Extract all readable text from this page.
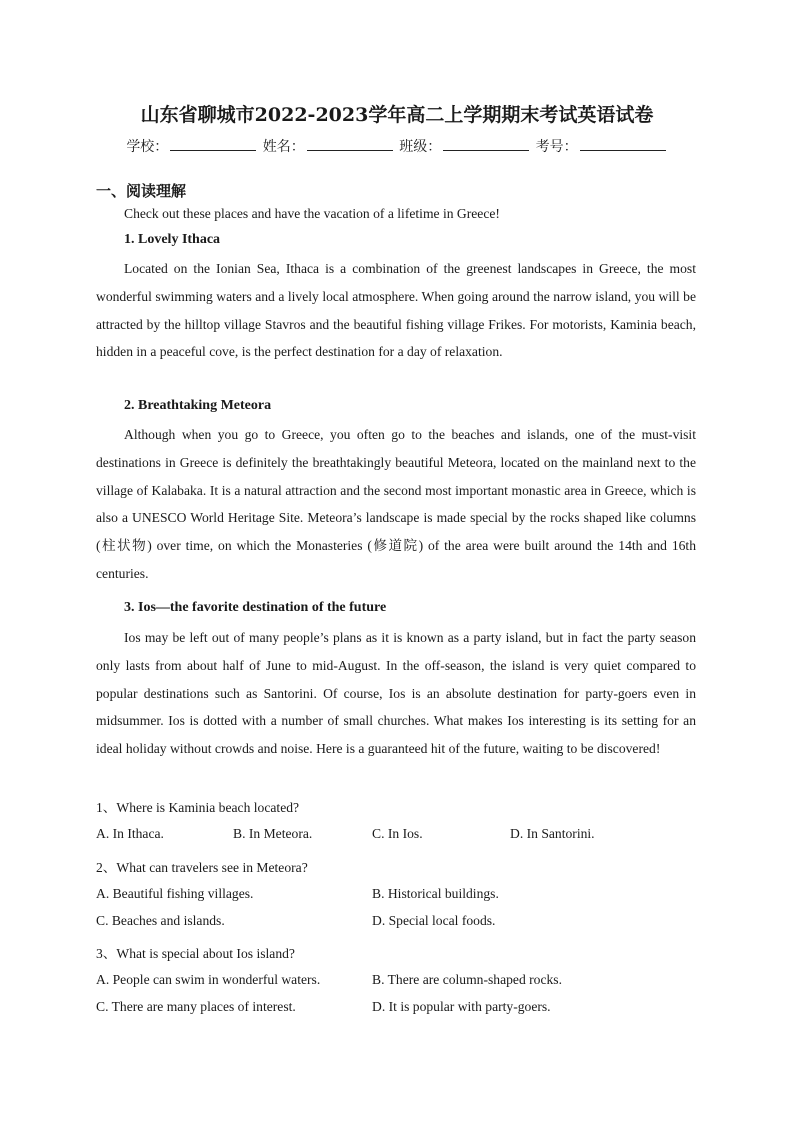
山东省聊城市2022-2023学年高二上学期期末考试英语试卷
学校：	姓名：	班级：	考号：
一、阅读理解
Check out these places and have the vacation of a lifetime in Greece!
1. Lovely Ithaca
Located on the Ionian Sea, Ithaca is a combination of the greenest landscapes in Greece, the most wonderful swimming waters and a lively local atmosphere. When going around the narrow island, you will be attracted by the hilltop village Stavros and the beautiful fishing village Frikes. For motorists, Kaminia beach, hidden in a peaceful cove, is the perfect destination for a day of relaxation.
2. Breathtaking Meteora
Although when you go to Greece, you often go to the beaches and islands, one of the must-visit destinations in Greece is definitely the breathtakingly beautiful Meteora, located on the mainland next to the village of Kalabaka. It is a natural attraction and the second most important monastic area in Greece, which is also a UNESCO World Heritage Site. Meteora’s landscape is made special by the rocks shaped like columns (柱状物) over time, on which the Monasteries (修道院) of the area were built around the 14th and 16th centuries.
3. Ios—the favorite destination of the future
Ios may be left out of many people’s plans as it is known as a party island, but in fact the party season only lasts from about half of June to mid-August. In the off-season, the island is very quiet compared to popular destinations such as Santorini. Of course, Ios is an absolute destination for party-goers even in midsummer. Ios is dotted with a number of small churches. What makes Ios interesting is its setting for an ideal holiday without crowds and noise. Here is a guaranteed hit of the future, waiting to be discovered!
1、Where is Kaminia beach located?
A. In Ithaca.	B. In Meteora.	C. In Ios.	D. In Santorini.
2、What can travelers see in Meteora?
A. Beautiful fishing villages.	B. Historical buildings.
C. Beaches and islands.	D. Special local foods.
3、What is special about Ios island?
A. People can swim in wonderful waters.	B. There are column-shaped rocks.
C. There are many places of interest.	D. It is popular with party-goers.
